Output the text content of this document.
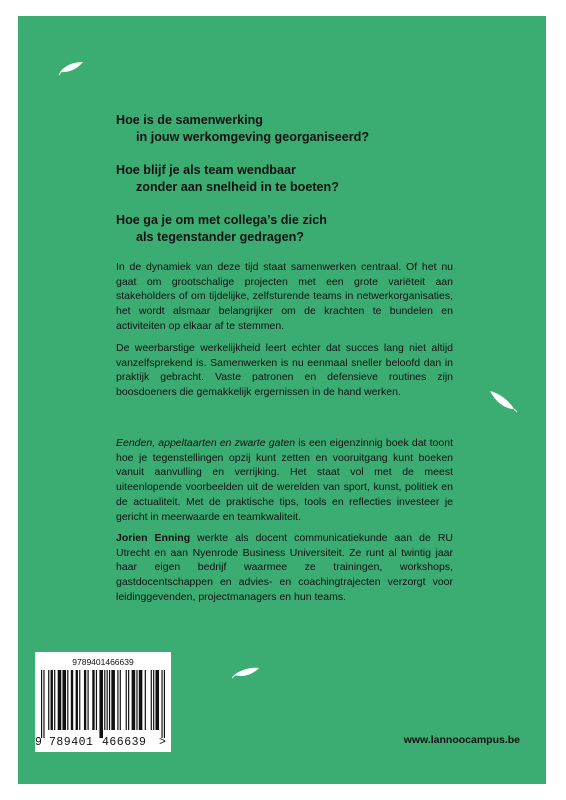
Hoe is de samenwerking
in jouw werkomgeving georganiseerd?

Hoe blijf je als team wendbaar
zonder aan snelheid in te boeten?

Hoe ga je om met collega’s die zich
als tegenstander gedragen?

In de dynamiek van deze tijd staat samenwerken centraal. Of het nu gaat om grootschalige projecten met een grote variëteit aan stakeholders of om tijdelijke, zelfsturende teams in netwerkorganisaties, het wordt alsmaar belangrijker om de krachten te bundelen en activiteiten op elkaar af te stemmen.

De weerbarstige werkelijkheid leert echter dat succes lang niet altijd vanzelfsprekend is. Samenwerken is nu eenmaal sneller beloofd dan in praktijk gebracht. Vaste patronen en defensieve routines zijn boosdoeners die gemakkelijk ergernissen in de hand werken.

Eenden, appeltaarten en zwarte gaten is een eigenzinnig boek dat toont hoe je tegenstellingen opzij kunt zetten en vooruitgang kunt boeken vanuit aanvulling en verrijking. Het staat vol met de meest uiteenlopende voorbeelden uit de werelden van sport, kunst, politiek en de actualiteit. Met de praktische tips, tools en reflecties investeer je gericht in meerwaarde en teamkwaliteit.

Jorien Enning werkte als docent communicatiekunde aan de RU Utrecht en aan Nyenrode Business Universiteit. Ze runt al twintig jaar haar eigen bedrijf waarmee ze trainingen, workshops, gastdocentschappen en advies- en coachingtrajecten verzorgt voor leidinggevenden, projectmanagers en hun teams.

9789401466639
9 789401 466639 >	www.lannoocampus.be
